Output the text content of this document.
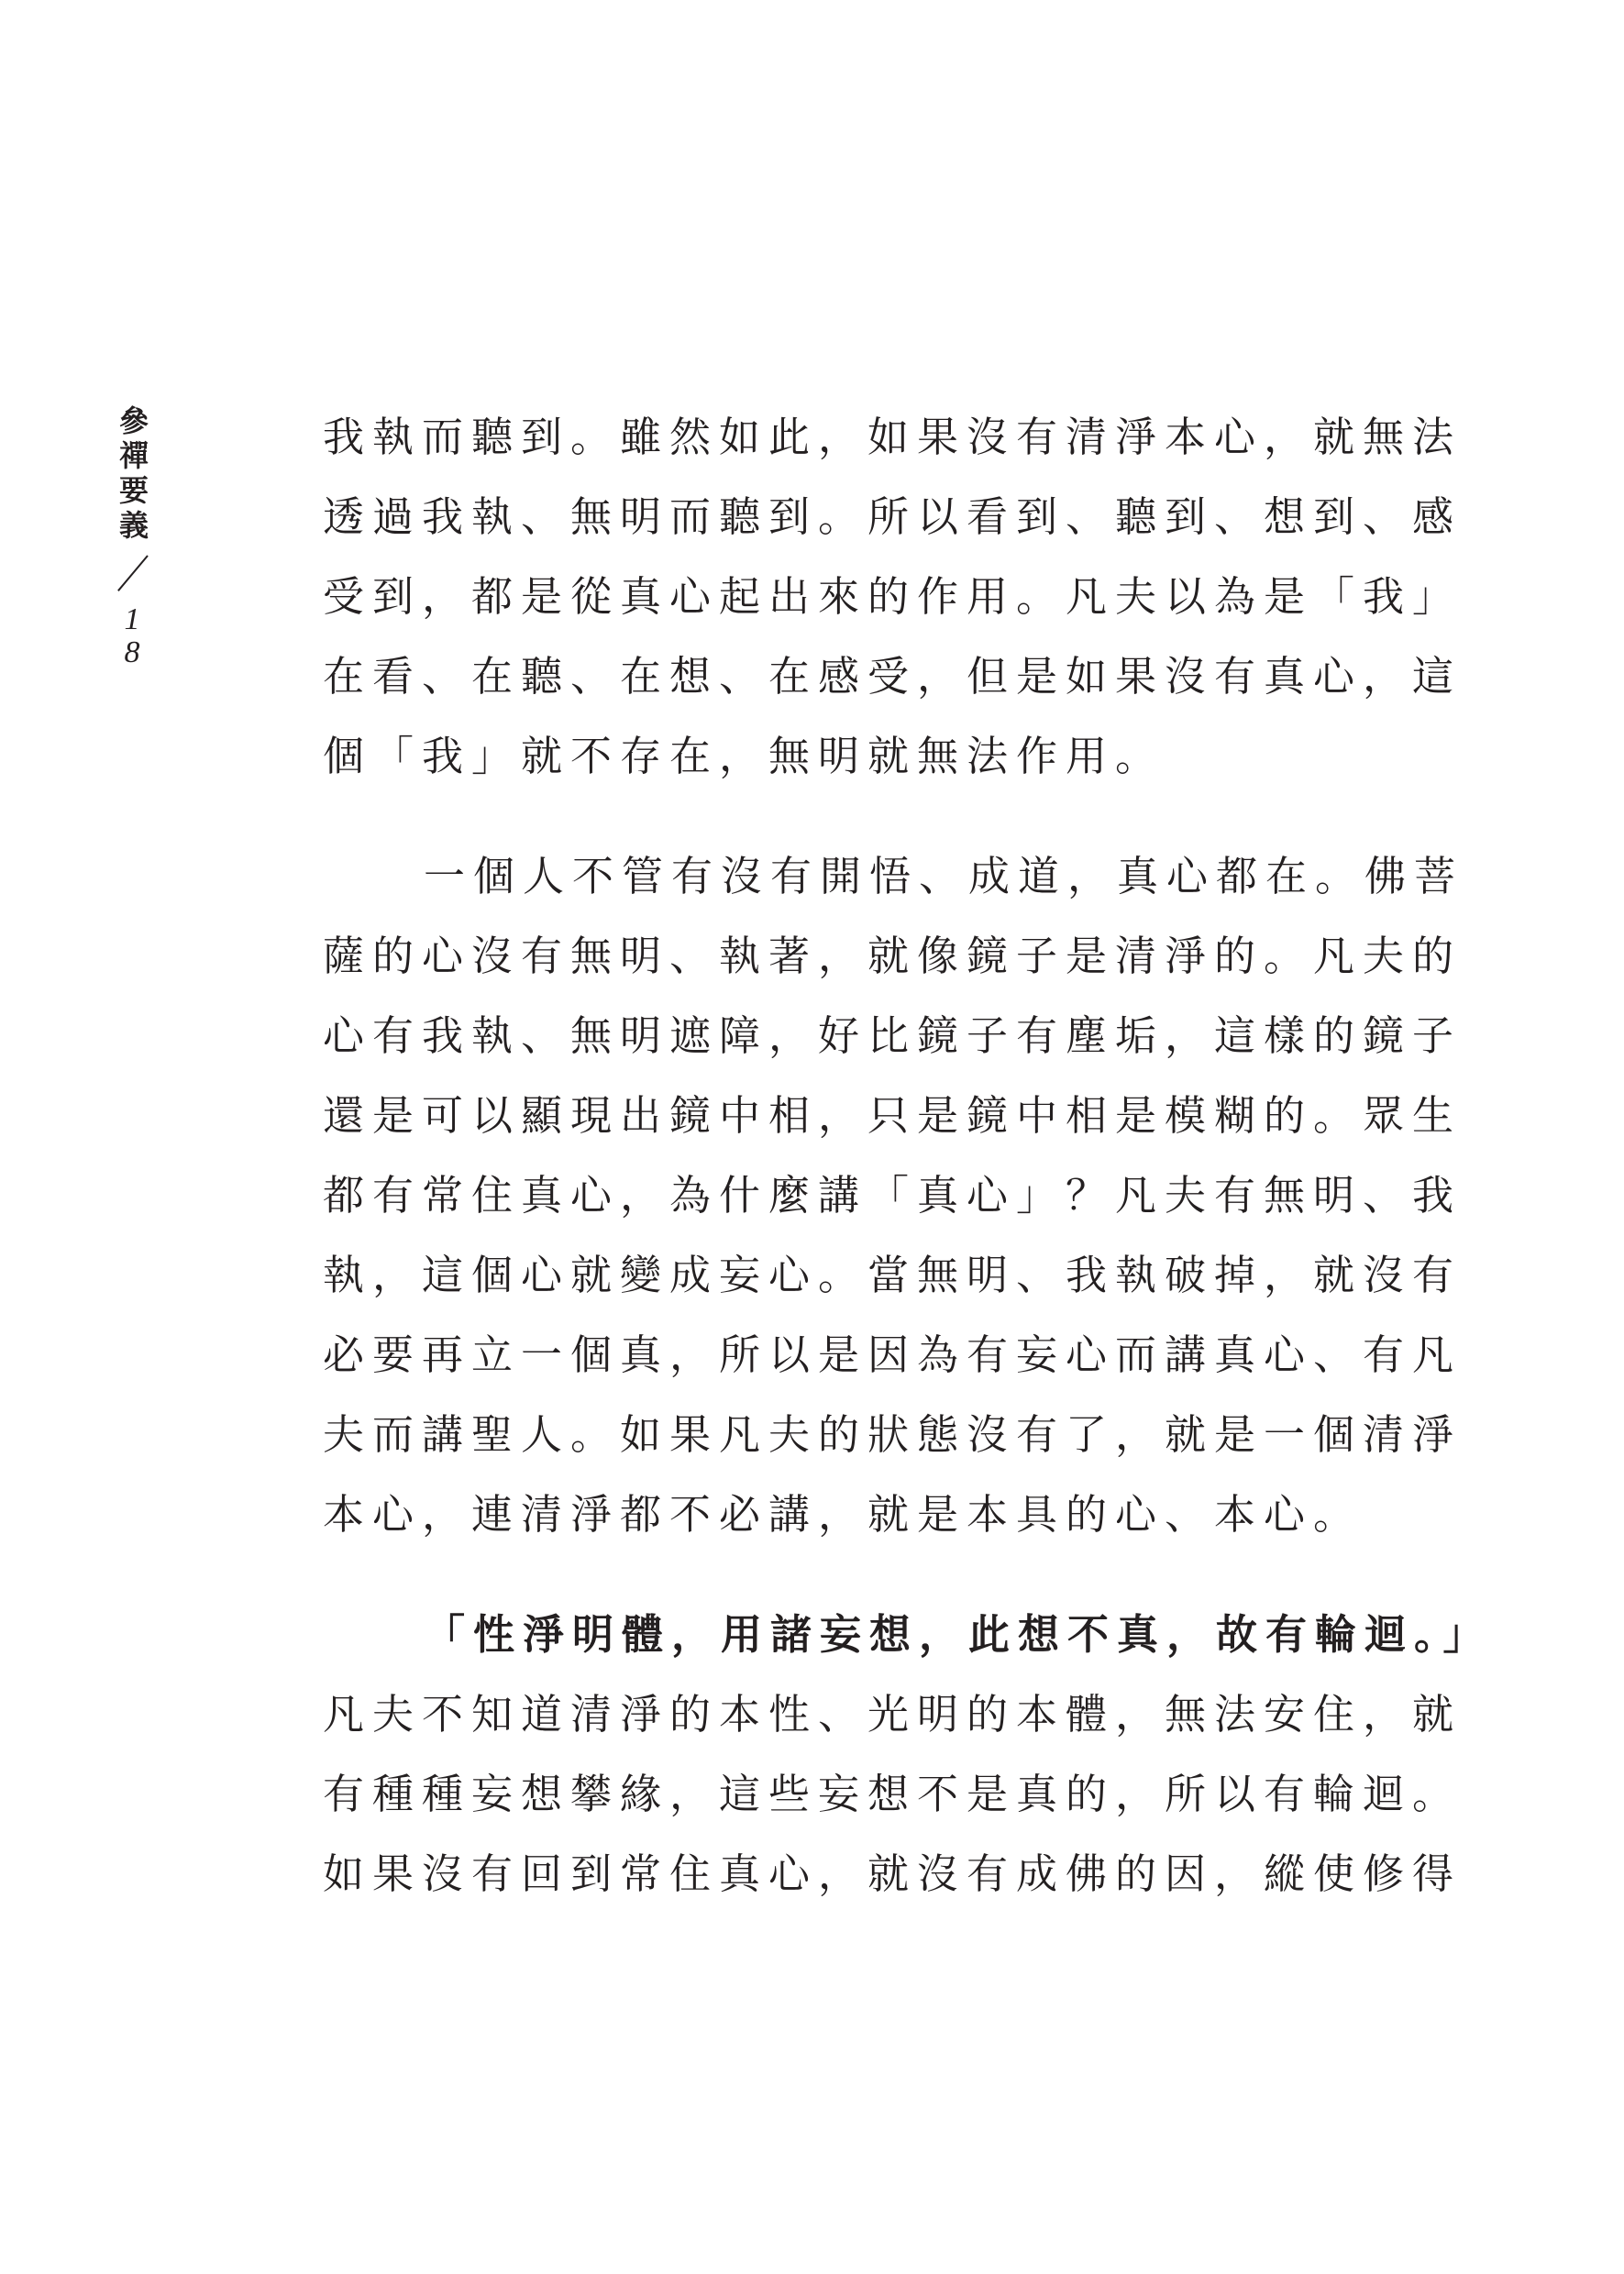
參禪要義
1
8

我執而聽到。雖然如此，如果沒有清淨本心，就無法
透過我執、無明而聽到。所以看到、聽到、想到、感
受到，都是從真心起出來的作用。凡夫以為是「我」
在看、在聽、在想、在感受，但是如果沒有真心，這
個「我」就不存在，無明就無法作用。

一個人不管有沒有開悟、成道，真心都在。佛菩
薩的心沒有無明、執著，就像鏡子是清淨的。凡夫的
心有我執、無明遮障，好比鏡子有塵垢，這樣的鏡子
還是可以顯現出鏡中相，只是鏡中相是模糊的。眾生
都有常住真心，為什麼講「真心」？凡夫有無明、我
執，這個心就變成妄心。當無明、我執破掉，就沒有
必要再立一個真，所以是因為有妄心而講真心、有凡
夫而講聖人。如果凡夫的狀態沒有了，就是一個清淨
本心，連清淨都不必講，就是本具的心、本心。

「性淨明體，用諸妄想，此想不真，故有輪迴。」
凡夫不知道清淨的本性、光明的本體，無法安住，就
有種種妄想攀緣，這些妄想不是真的，所以有輪迴。
如果沒有回到常住真心，就沒有成佛的因，縱使修得
